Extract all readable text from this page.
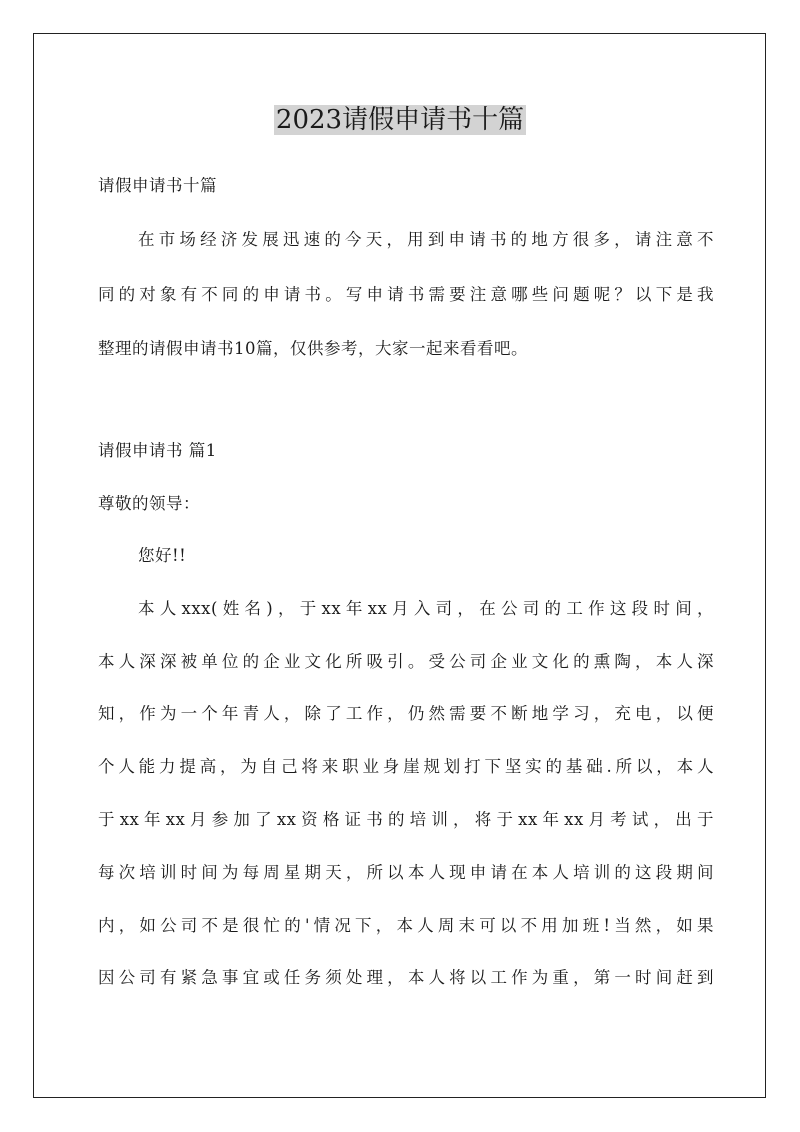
2023请假申请书十篇
请假申请书十篇
在市场经济发展迅速的今天，用到申请书的地方很多，请注意不
同的对象有不同的申请书。写申请书需要注意哪些问题呢？以下是我
整理的请假申请书10篇，仅供参考，大家一起来看看吧。
请假申请书 篇1
尊敬的领导：
您好!!
本人xxx(姓名)，于xx年xx月入司，在公司的工作这段时间，
本人深深被单位的企业文化所吸引。受公司企业文化的熏陶，本人深
知，作为一个年青人，除了工作，仍然需要不断地学习，充电，以便
个人能力提高，为自己将来职业身崖规划打下坚实的基础.所以，本人
于xx年xx月参加了xx资格证书的培训，将于xx年xx月考试，出于
每次培训时间为每周星期天，所以本人现申请在本人培训的这段期间
内，如公司不是很忙的'情况下，本人周末可以不用加班!当然，如果
因公司有紧急事宜或任务须处理，本人将以工作为重，第一时间赶到
